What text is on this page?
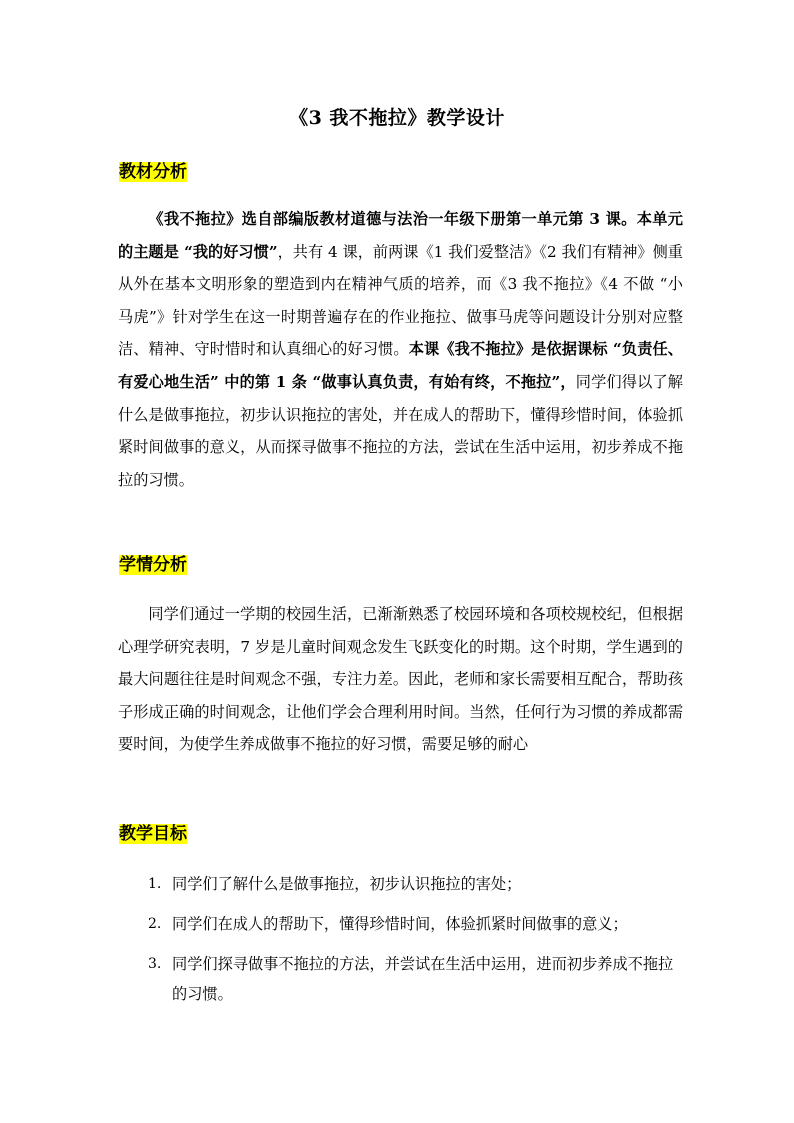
《3 我不拖拉》教学设计
教材分析

《我不拖拉》选自部编版教材道德与法治一年级下册第一单元第 3 课。本单元的主题是 “我的好习惯”，共有 4 课，前两课《1 我们爱整洁》《2 我们有精神》侧重从外在基本文明形象的塑造到内在精神气质的培养，而《3 我不拖拉》《4 不做 “小马虎”》针对学生在这一时期普遍存在的作业拖拉、做事马虎等问题设计分别对应整洁、精神、守时惜时和认真细心的好习惯。本课《我不拖拉》是依据课标 “负责任、有爱心地生活” 中的第 1 条 “做事认真负责，有始有终，不拖拉”，同学们得以了解什么是做事拖拉，初步认识拖拉的害处，并在成人的帮助下，懂得珍惜时间，体验抓紧时间做事的意义，从而探寻做事不拖拉的方法，尝试在生活中运用，初步养成不拖拉的习惯。

学情分析

同学们通过一学期的校园生活，已渐渐熟悉了校园环境和各项校规校纪，但根据心理学研究表明，7 岁是儿童时间观念发生飞跃变化的时期。这个时期，学生遇到的最大问题往往是时间观念不强，专注力差。因此，老师和家长需要相互配合，帮助孩子形成正确的时间观念，让他们学会合理利用时间。当然，任何行为习惯的养成都需要时间，为使学生养成做事不拖拉的好习惯，需要足够的耐心

教学目标
1. 同学们了解什么是做事拖拉，初步认识拖拉的害处；
2. 同学们在成人的帮助下，懂得珍惜时间，体验抓紧时间做事的意义；
3. 同学们探寻做事不拖拉的方法，并尝试在生活中运用，进而初步养成不拖拉的习惯。
